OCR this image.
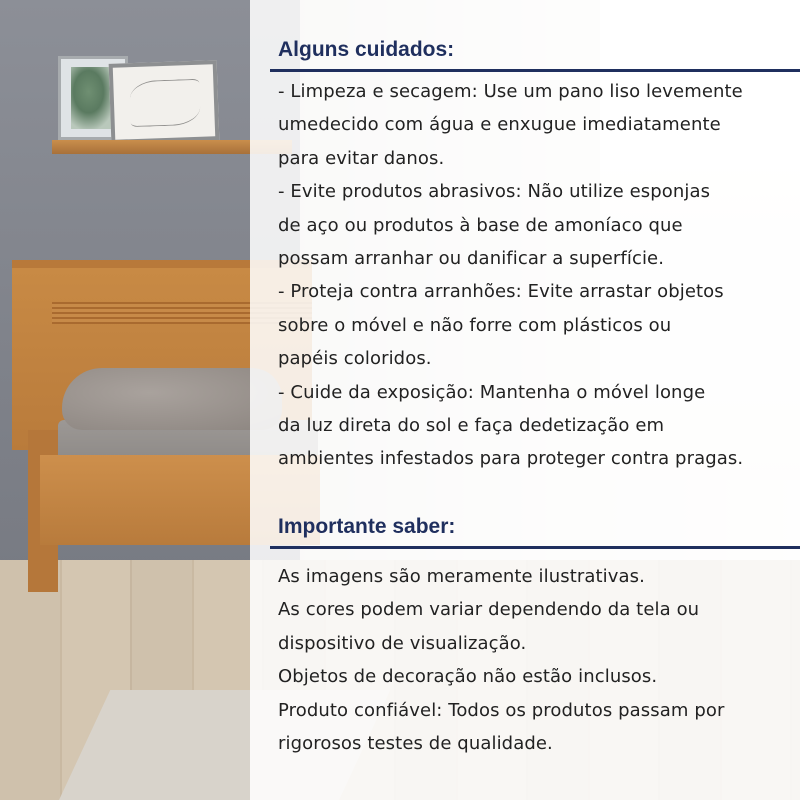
Alguns cuidados:
- Limpeza e secagem: Use um pano liso levemente
umedecido com água e enxugue imediatamente
para evitar danos.
- Evite produtos abrasivos: Não utilize esponjas
de aço ou produtos à base de amoníaco que
possam arranhar ou danificar a superfície.
- Proteja contra arranhões: Evite arrastar objetos
sobre o móvel e não forre com plásticos ou
papéis coloridos.
- Cuide da exposição: Mantenha o móvel longe
da luz direta do sol e faça dedetização em
ambientes infestados para proteger contra pragas.
Importante saber:
As imagens são meramente ilustrativas.
As cores podem variar dependendo da tela ou
dispositivo de visualização.
Objetos de decoração não estão inclusos.
Produto confiável: Todos os produtos passam por
rigorosos testes de qualidade.
